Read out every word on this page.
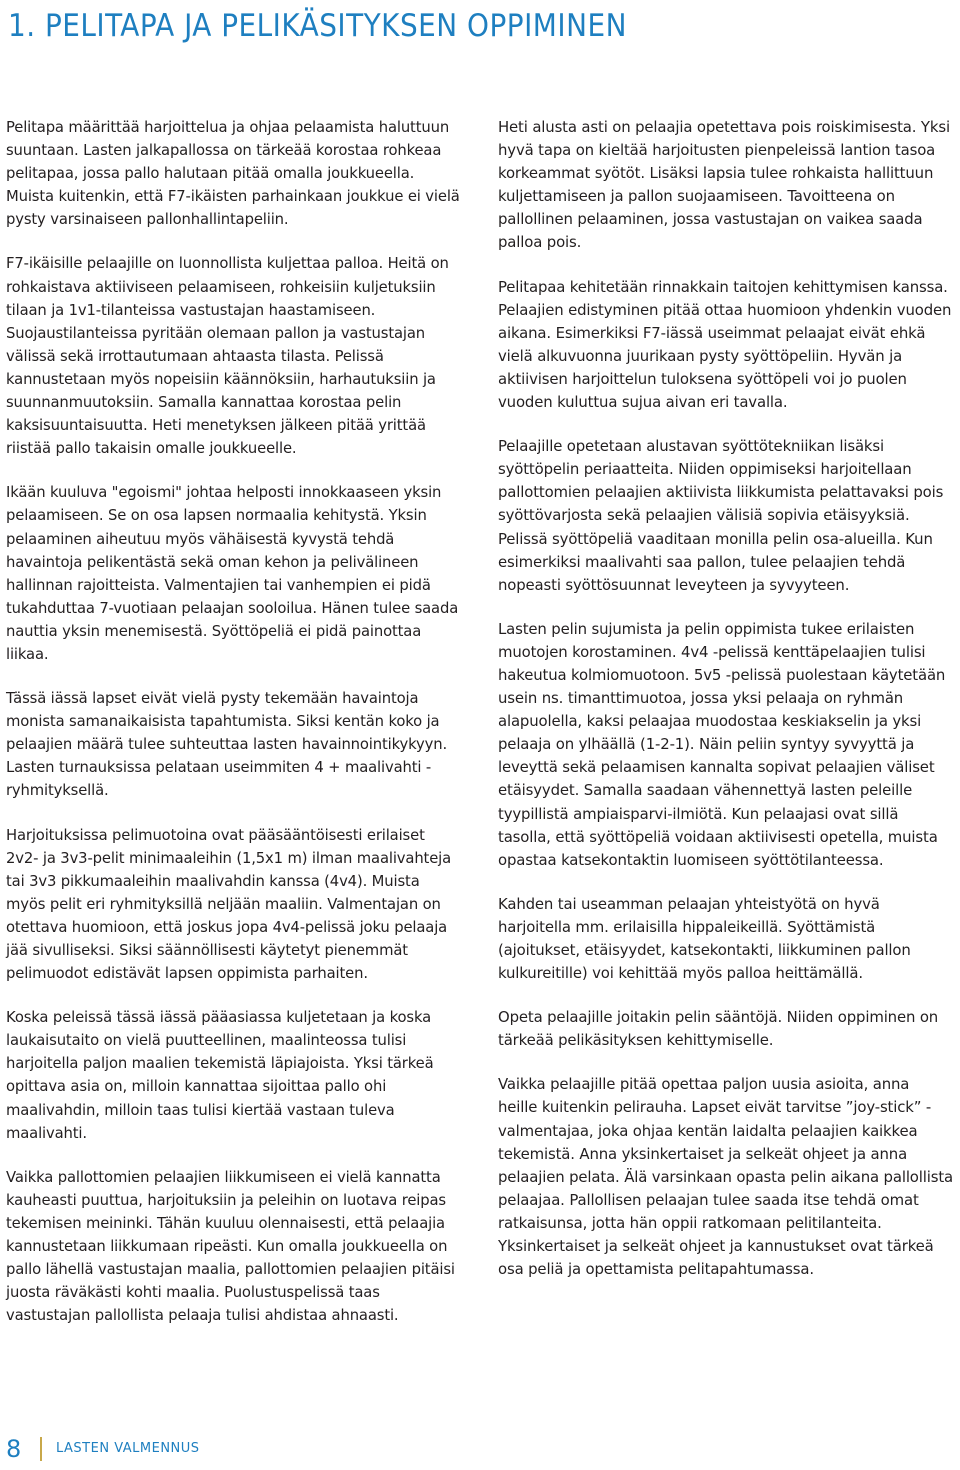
1. PELITAPA JA PELIKÄSITYKSEN OPPIMINEN

Pelitapa määrittää harjoittelua ja ohjaa pelaamista haluttuun suuntaan. Lasten jalkapallossa on tärkeää korostaa rohkeaa pelitapaa, jossa pallo halutaan pitää omalla joukkueella. Muista kuitenkin, että F7-ikäisten parhainkaan joukkue ei vielä pysty varsinaiseen pallonhallintapeliin.

F7-ikäisille pelaajille on luonnollista kuljettaa palloa. Heitä on rohkaistava aktiiviseen pelaamiseen, rohkeisiin kuljetuksiin tilaan ja 1v1-tilanteissa vastustajan haastamiseen. Suojaustilanteissa pyritään olemaan pallon ja vastustajan välissä sekä irrottautumaan ahtaasta tilasta. Pelissä kannustetaan myös nopeisiin käännöksiin, harhautuksiin ja suunnanmuutoksiin. Samalla kannattaa korostaa pelin kaksisuuntaisuutta. Heti menetyksen jälkeen pitää yrittää riistää pallo takaisin omalle joukkueelle.

Ikään kuuluva "egoismi" johtaa helposti innokkaaseen yksin pelaamiseen. Se on osa lapsen normaalia kehitystä. Yksin pelaaminen aiheutuu myös vähäisestä kyvystä tehdä havaintoja pelikentästä sekä oman kehon ja pelivälineen hallinnan rajoitteista. Valmentajien tai vanhempien ei pidä tukahduttaa 7-vuotiaan pelaajan sooloilua. Hänen tulee saada nauttia yksin menemisestä. Syöttöpeliä ei pidä painottaa liikaa.

Tässä iässä lapset eivät vielä pysty tekemään havaintoja monista samanaikaisista tapahtumista. Siksi kentän koko ja pelaajien määrä tulee suhteuttaa lasten havainnointikykyyn. Lasten turnauksissa pelataan useimmiten 4 + maalivahti -ryhmityksellä.

Harjoituksissa pelimuotoina ovat pääsääntöisesti erilaiset 2v2- ja 3v3-pelit minimaaleihin (1,5x1 m) ilman maalivahteja tai 3v3 pikkumaaleihin maalivahdin kanssa (4v4). Muista myös pelit eri ryhmityksillä neljään maaliin. Valmentajan on otettava huomioon, että joskus jopa 4v4-pelissä joku pelaaja jää sivulliseksi. Siksi säännöllisesti käytetyt pienemmät pelimuodot edistävät lapsen oppimista parhaiten.

Koska peleissä tässä iässä pääasiassa kuljetetaan ja koska laukaisutaito on vielä puutteellinen, maalinteossa tulisi harjoitella paljon maalien tekemistä läpiajoista. Yksi tärkeä opittava asia on, milloin kannattaa sijoittaa pallo ohi maalivahdin, milloin taas tulisi kiertää vastaan tuleva maalivahti.

Vaikka pallottomien pelaajien liikkumiseen ei vielä kannatta kauheasti puuttua, harjoituksiin ja peleihin on luotava reipas tekemisen meininki. Tähän kuuluu olennaisesti, että pelaajia kannustetaan liikkumaan ripeästi. Kun omalla joukkueella on pallo lähellä vastustajan maalia, pallottomien pelaajien pitäisi juosta räväkästi kohti maalia. Puolustuspelissä taas vastustajan pallollista pelaaja tulisi ahdistaa ahnaasti.

Heti alusta asti on pelaajia opetettava pois roiskimisesta. Yksi hyvä tapa on kieltää harjoitusten pienpeleissä lantion tasoa korkeammat syötöt. Lisäksi lapsia tulee rohkaista hallittuun kuljettamiseen ja pallon suojaamiseen. Tavoitteena on pallollinen pelaaminen, jossa vastustajan on vaikea saada palloa pois.

Pelitapaa kehitetään rinnakkain taitojen kehittymisen kanssa. Pelaajien edistyminen pitää ottaa huomioon yhdenkin vuoden aikana. Esimerkiksi F7-iässä useimmat pelaajat eivät ehkä vielä alkuvuonna juurikaan pysty syöttöpeliin. Hyvän ja aktiivisen harjoittelun tuloksena syöttöpeli voi jo puolen vuoden kuluttua sujua aivan eri tavalla.

Pelaajille opetetaan alustavan syöttötekniikan lisäksi syöttöpelin periaatteita. Niiden oppimiseksi harjoitellaan pallottomien pelaajien aktiivista liikkumista pelattavaksi pois syöttövarjosta sekä pelaajien välisiä sopivia etäisyyksiä. Pelissä syöttöpeliä vaaditaan monilla pelin osa-alueilla. Kun esimerkiksi maalivahti saa pallon, tulee pelaajien tehdä nopeasti syöttösuunnat leveyteen ja syvyyteen.

Lasten pelin sujumista ja pelin oppimista tukee erilaisten muotojen korostaminen. 4v4 -pelissä kenttäpelaajien tulisi hakeutua kolmiomuotoon. 5v5 -pelissä puolestaan käytetään usein ns. timanttimuotoa, jossa yksi pelaaja on ryhmän alapuolella, kaksi pelaajaa muodostaa keskiakselin ja yksi pelaaja on ylhäällä (1-2-1). Näin peliin syntyy syvyyttä ja leveyttä sekä pelaamisen kannalta sopivat pelaajien väliset etäisyydet. Samalla saadaan vähennettyä lasten peleille tyypillistä ampiaisparvi-ilmiötä. Kun pelaajasi ovat sillä tasolla, että syöttöpeliä voidaan aktiivisesti opetella, muista opastaa katsekontaktin luomiseen syöttötilanteessa.

Kahden tai useamman pelaajan yhteistyötä on hyvä harjoitella mm. erilaisilla hippaleikeillä. Syöttämistä (ajoitukset, etäisyydet, katsekontakti, liikkuminen pallon kulkureitille) voi kehittää myös palloa heittämällä.

Opeta pelaajille joitakin pelin sääntöjä. Niiden oppiminen on tärkeää pelikäsityksen kehittymiselle.

Vaikka pelaajille pitää opettaa paljon uusia asioita, anna heille kuitenkin pelirauha. Lapset eivät tarvitse ”joy-stick” -valmentajaa, joka ohjaa kentän laidalta pelaajien kaikkea tekemistä. Anna yksinkertaiset ja selkeät ohjeet ja anna pelaajien pelata. Älä varsinkaan opasta pelin aikana pallollista pelaajaa. Pallollisen pelaajan tulee saada itse tehdä omat ratkaisunsa, jotta hän oppii ratkomaan pelitilanteita. Yksinkertaiset ja selkeät ohjeet ja kannustukset ovat tärkeä osa peliä ja opettamista pelitapahtumassa.

8	LASTEN VALMENNUS
